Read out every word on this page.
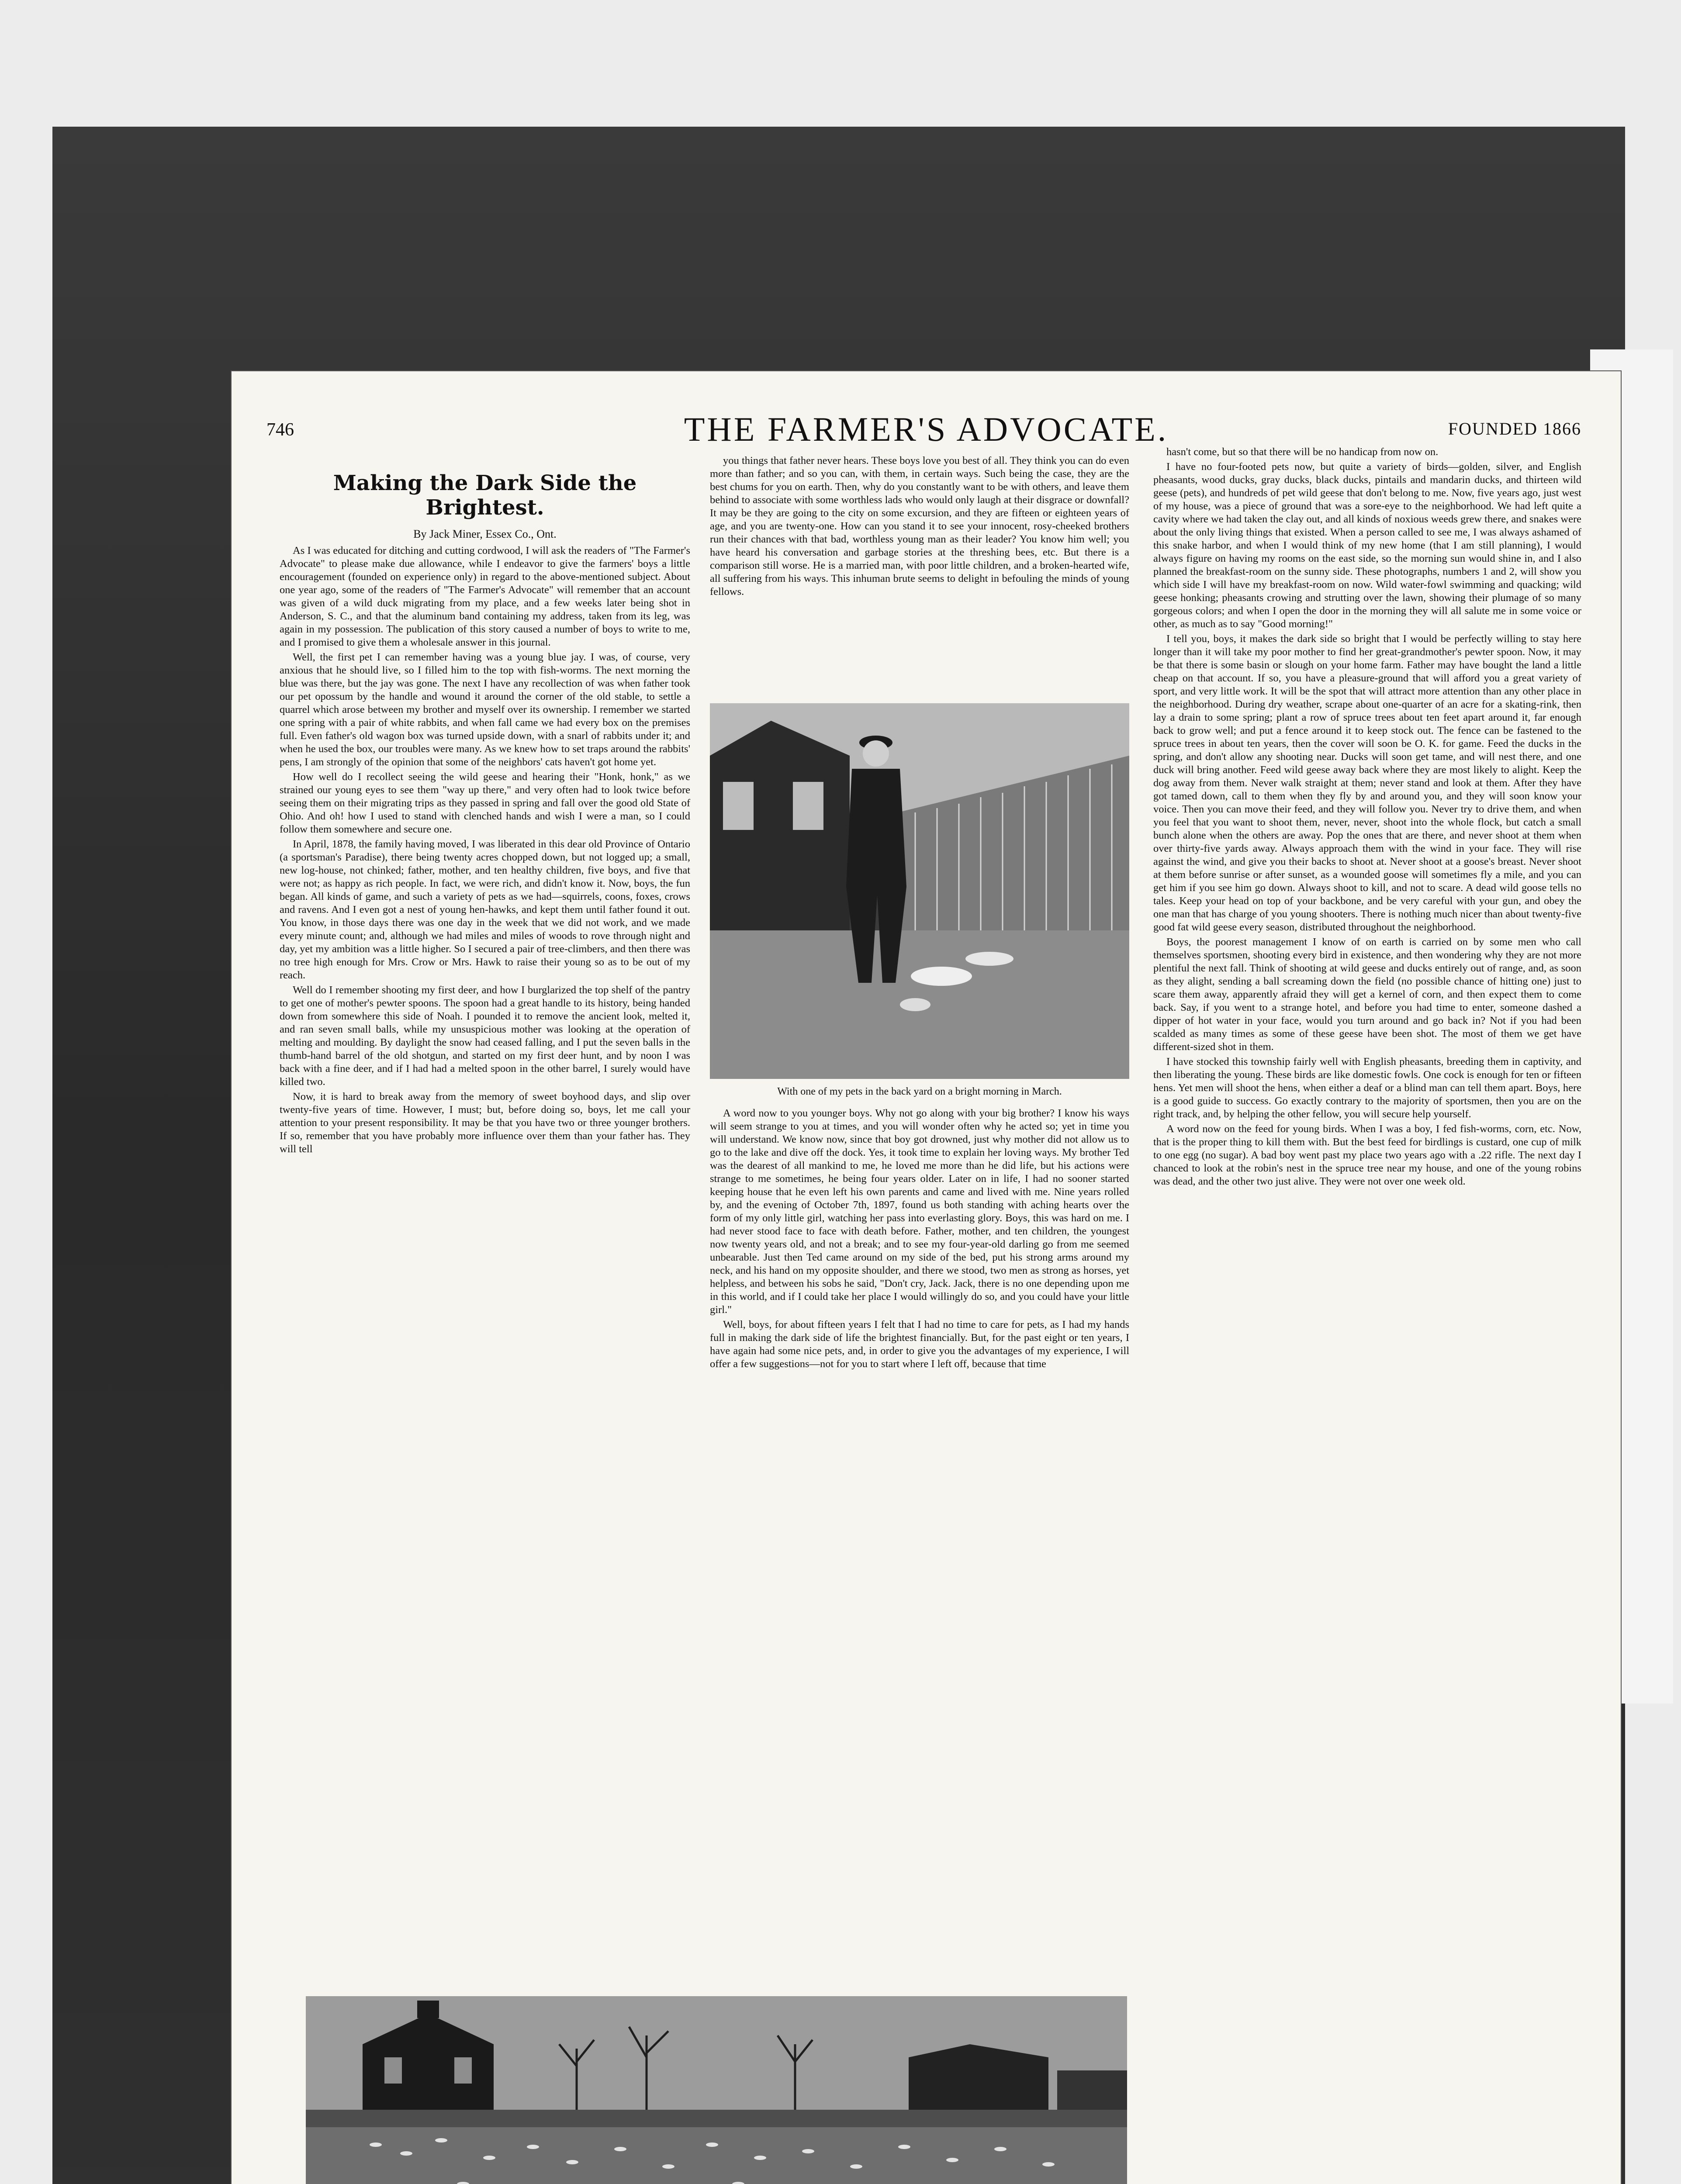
746	THE FARMER'S ADVOCATE.	FOUNDED 1866
Making the Dark Side the Brightest.
By Jack Miner, Essex Co., Ont.

As I was educated for ditching and cutting cordwood, I will ask the readers of "The Farmer's Advocate" to please make due allowance, while I endeavor to give the farmers' boys a little encouragement (founded on experience only) in regard to the above-mentioned subject. About one year ago, some of the readers of "The Farmer's Advocate" will remember that an account was given of a wild duck migrating from my place, and a few weeks later being shot in Anderson, S. C., and that the aluminum band containing my address, taken from its leg, was again in my possession. The publication of this story caused a number of boys to write to me, and I promised to give them a wholesale answer in this journal.

Well, the first pet I can remember having was a young blue jay. I was, of course, very anxious that he should live, so I filled him to the top with fish-worms. The next morning the blue was there, but the jay was gone. The next I have any recollection of was when father took our pet opossum by the handle and wound it around the corner of the old stable, to settle a quarrel which arose between my brother and myself over its ownership. I remember we started one spring with a pair of white rabbits, and when fall came we had every box on the premises full. Even father's old wagon box was turned upside down, with a snarl of rabbits under it; and when he used the box, our troubles were many. As we knew how to set traps around the rabbits' pens, I am strongly of the opinion that some of the neighbors' cats haven't got home yet.

How well do I recollect seeing the wild geese and hearing their "Honk, honk," as we strained our young eyes to see them "way up there," and very often had to look twice before seeing them on their migrating trips as they passed in spring and fall over the good old State of Ohio. And oh! how I used to stand with clenched hands and wish I were a man, so I could follow them somewhere and secure one.

In April, 1878, the family having moved, I was liberated in this dear old Province of Ontario (a sportsman's Paradise), there being twenty acres chopped down, but not logged up; a small, new log-house, not chinked; father, mother, and ten healthy children, five boys, and five that were not; as happy as rich people. In fact, we were rich, and didn't know it. Now, boys, the fun began. All kinds of game, and such a variety of pets as we had—squirrels, coons, foxes, crows and ravens. And I even got a nest of young hen-hawks, and kept them until father found it out. You know, in those days there was one day in the week that we did not work, and we made every minute count; and, although we had miles and miles of woods to rove through night and day, yet my ambition was a little higher. So I secured a pair of tree-climbers, and then there was no tree high enough for Mrs. Crow or Mrs. Hawk to raise their young so as to be out of my reach.

Well do I remember shooting my first deer, and how I burglarized the top shelf of the pantry to get one of mother's pewter spoons. The spoon had a great handle to its history, being handed down from somewhere this side of Noah. I pounded it to remove the ancient look, melted it, and ran seven small balls, while my unsuspicious mother was looking at the operation of melting and moulding. By daylight the snow had ceased falling, and I put the seven balls in the thumb-hand barrel of the old shotgun, and started on my first deer hunt, and by noon I was back with a fine deer, and if I had had a melted spoon in the other barrel, I surely would have killed two.

Now, it is hard to break away from the memory of sweet boyhood days, and slip over twenty-five years of time. However, I must; but, before doing so, boys, let me call your attention to your present responsibility. It may be that you have two or three younger brothers. If so, remember that you have probably more influence over them than your father has. They will tell

you things that father never hears. These boys love you best of all. They think you can do even more than father; and so you can, with them, in certain ways. Such being the case, they are the best chums for you on earth. Then, why do you constantly want to be with others, and leave them behind to associate with some worthless lads who would only laugh at their disgrace or downfall? It may be they are going to the city on some excursion, and they are fifteen or eighteen years of age, and you are twenty-one. How can you stand it to see your innocent, rosy-cheeked brothers run their chances with that bad, worthless young man as their leader? You know him well; you have heard his conversation and garbage stories at the threshing bees, etc. But there is a comparison still worse. He is a married man, with poor little children, and a broken-hearted wife, all suffering from his ways. This inhuman brute seems to delight in befouling the minds of young fellows.

With one of my pets in the back yard on a bright morning in March.

A word now to you younger boys. Why not go along with your big brother? I know his ways will seem strange to you at times, and you will wonder often why he acted so; yet in time you will understand. We know now, since that boy got drowned, just why mother did not allow us to go to the lake and dive off the dock. Yes, it took time to explain her loving ways. My brother Ted was the dearest of all mankind to me, he loved me more than he did life, but his actions were strange to me sometimes, he being four years older. Later on in life, I had no sooner started keeping house that he even left his own parents and came and lived with me. Nine years rolled by, and the evening of October 7th, 1897, found us both standing with aching hearts over the form of my only little girl, watching her pass into everlasting glory. Boys, this was hard on me. I had never stood face to face with death before. Father, mother, and ten children, the youngest now twenty years old, and not a break; and to see my four-year-old darling go from me seemed unbearable. Just then Ted came around on my side of the bed, put his strong arms around my neck, and his hand on my opposite shoulder, and there we stood, two men as strong as horses, yet helpless, and between his sobs he said, "Don't cry, Jack. Jack, there is no one depending upon me in this world, and if I could take her place I would willingly do so, and you could have your little girl."

Well, boys, for about fifteen years I felt that I had no time to care for pets, as I had my hands full in making the dark side of life the brightest financially. But, for the past eight or ten years, I have again had some nice pets, and, in order to give you the advantages of my experience, I will offer a few suggestions—not for you to start where I left off, because that time

hasn't come, but so that there will be no handicap from now on.

I have no four-footed pets now, but quite a variety of birds—golden, silver, and English pheasants, wood ducks, gray ducks, black ducks, pintails and mandarin ducks, and thirteen wild geese (pets), and hundreds of pet wild geese that don't belong to me. Now, five years ago, just west of my house, was a piece of ground that was a sore-eye to the neighborhood. We had left quite a cavity where we had taken the clay out, and all kinds of noxious weeds grew there, and snakes were about the only living things that existed. When a person called to see me, I was always ashamed of this snake harbor, and when I would think of my new home (that I am still planning), I would always figure on having my rooms on the east side, so the morning sun would shine in, and I also planned the breakfast-room on the sunny side. These photographs, numbers 1 and 2, will show you which side I will have my breakfast-room on now. Wild water-fowl swimming and quacking; wild geese honking; pheasants crowing and strutting over the lawn, showing their plumage of so many gorgeous colors; and when I open the door in the morning they will all salute me in some voice or other, as much as to say "Good morning!"

I tell you, boys, it makes the dark side so bright that I would be perfectly willing to stay here longer than it will take my poor mother to find her great-grandmother's pewter spoon. Now, it may be that there is some basin or slough on your home farm. Father may have bought the land a little cheap on that account. If so, you have a pleasure-ground that will afford you a great variety of sport, and very little work. It will be the spot that will attract more attention than any other place in the neighborhood. During dry weather, scrape about one-quarter of an acre for a skating-rink, then lay a drain to some spring; plant a row of spruce trees about ten feet apart around it, far enough back to grow well; and put a fence around it to keep stock out. The fence can be fastened to the spruce trees in about ten years, then the cover will soon be O. K. for game. Feed the ducks in the spring, and don't allow any shooting near. Ducks will soon get tame, and will nest there, and one duck will bring another. Feed wild geese away back where they are most likely to alight. Keep the dog away from them. Never walk straight at them; never stand and look at them. After they have got tamed down, call to them when they fly by and around you, and they will soon know your voice. Then you can move their feed, and they will follow you. Never try to drive them, and when you feel that you want to shoot them, never, never, shoot into the whole flock, but catch a small bunch alone when the others are away. Pop the ones that are there, and never shoot at them when over thirty-five yards away. Always approach them with the wind in your face. They will rise against the wind, and give you their backs to shoot at. Never shoot at a goose's breast. Never shoot at them before sunrise or after sunset, as a wounded goose will sometimes fly a mile, and you can get him if you see him go down. Always shoot to kill, and not to scare. A dead wild goose tells no tales. Keep your head on top of your backbone, and be very careful with your gun, and obey the one man that has charge of you young shooters. There is nothing much nicer than about twenty-five good fat wild geese every season, distributed throughout the neighborhood.

Boys, the poorest management I know of on earth is carried on by some men who call themselves sportsmen, shooting every bird in existence, and then wondering why they are not more plentiful the next fall. Think of shooting at wild geese and ducks entirely out of range, and, as soon as they alight, sending a ball screaming down the field (no possible chance of hitting one) just to scare them away, apparently afraid they will get a kernel of corn, and then expect them to come back. Say, if you went to a strange hotel, and before you had time to enter, someone dashed a dipper of hot water in your face, would you turn around and go back in? Not if you had been scalded as many times as some of these geese have been shot. The most of them we get have different-sized shot in them.

I have stocked this township fairly well with English pheasants, breeding them in captivity, and then liberating the young. These birds are like domestic fowls. One cock is enough for ten or fifteen hens. Yet men will shoot the hens, when either a deaf or a blind man can tell them apart. Boys, here is a good guide to success. Go exactly contrary to the majority of sportsmen, then you are on the right track, and, by helping the other fellow, you will secure help yourself.

A word now on the feed for young birds. When I was a boy, I fed fish-worms, corn, etc. Now, that is the proper thing to kill them with. But the best feed for birdlings is custard, one cup of milk to one egg (no sugar). A bad boy went past my place two years ago with a .22 rifle. The next day I chanced to look at the robin's nest in the spruce tree near my house, and one of the young robins was dead, and the other two just alive. They were not over one week old.
